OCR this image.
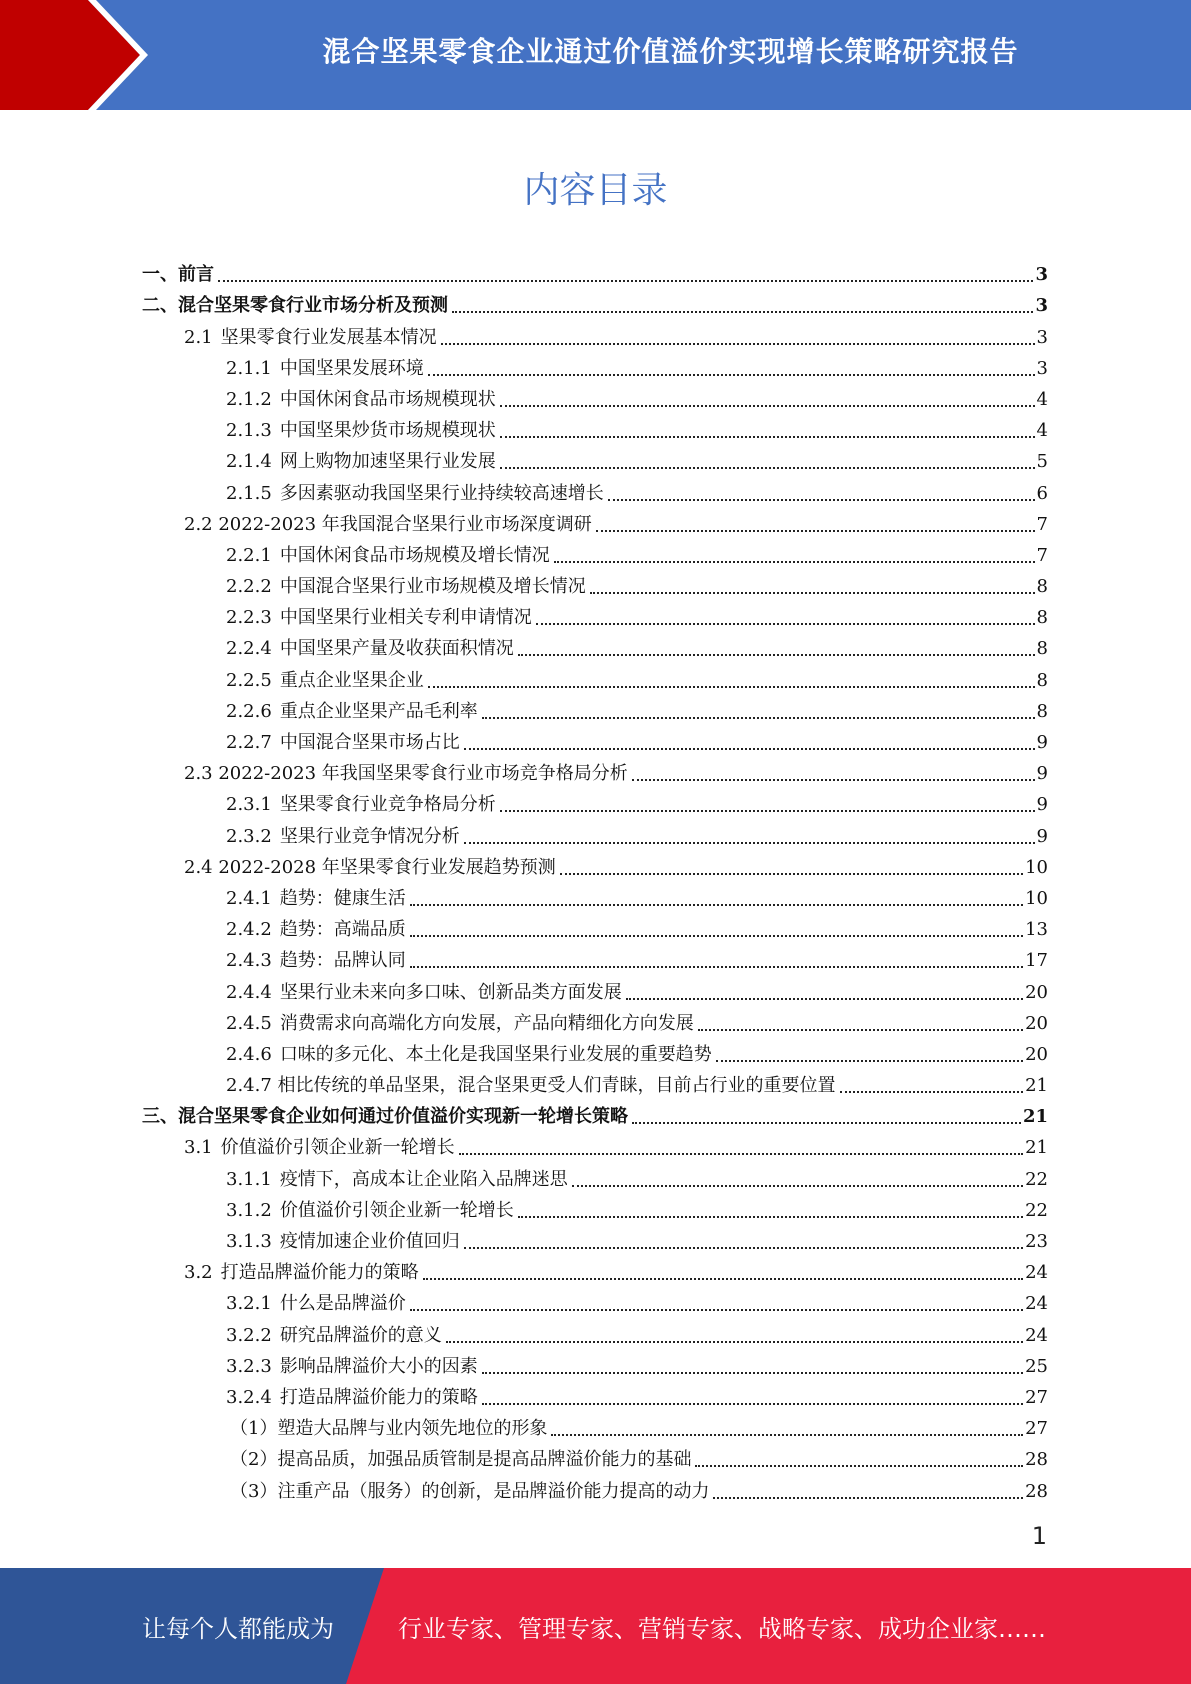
混合坚果零食企业通过价值溢价实现增长策略研究报告
内容目录
一、前言	3
二、混合坚果零食行业市场分析及预测	3
2.1 坚果零食行业发展基本情况	3
2.1.1 中国坚果发展环境	3
2.1.2 中国休闲食品市场规模现状	4
2.1.3 中国坚果炒货市场规模现状	4
2.1.4 网上购物加速坚果行业发展	5
2.1.5 多因素驱动我国坚果行业持续较高速增长	6
2.2 2022-2023 年我国混合坚果行业市场深度调研	7
2.2.1 中国休闲食品市场规模及增长情况	7
2.2.2 中国混合坚果行业市场规模及增长情况	8
2.2.3 中国坚果行业相关专利申请情况	8
2.2.4 中国坚果产量及收获面积情况	8
2.2.5 重点企业坚果企业	8
2.2.6 重点企业坚果产品毛利率	8
2.2.7 中国混合坚果市场占比	9
2.3 2022-2023 年我国坚果零食行业市场竞争格局分析	9
2.3.1 坚果零食行业竞争格局分析	9
2.3.2 坚果行业竞争情况分析	9
2.4 2022-2028 年坚果零食行业发展趋势预测	10
2.4.1 趋势：健康生活	10
2.4.2 趋势：高端品质	13
2.4.3 趋势：品牌认同	17
2.4.4 坚果行业未来向多口味、创新品类方面发展	20
2.4.5 消费需求向高端化方向发展，产品向精细化方向发展	20
2.4.6 口味的多元化、本土化是我国坚果行业发展的重要趋势	20
2.4.7 相比传统的单品坚果，混合坚果更受人们青睐，目前占行业的重要位置	21
三、混合坚果零食企业如何通过价值溢价实现新一轮增长策略	21
3.1 价值溢价引领企业新一轮增长	21
3.1.1 疫情下，高成本让企业陷入品牌迷思	22
3.1.2 价值溢价引领企业新一轮增长	22
3.1.3 疫情加速企业价值回归	23
3.2 打造品牌溢价能力的策略	24
3.2.1 什么是品牌溢价	24
3.2.2 研究品牌溢价的意义	24
3.2.3 影响品牌溢价大小的因素	25
3.2.4 打造品牌溢价能力的策略	27
（1）塑造大品牌与业内领先地位的形象	27
（2）提高品质，加强品质管制是提高品牌溢价能力的基础	28
（3）注重产品（服务）的创新，是品牌溢价能力提高的动力	28
1
让每个人都能成为	行业专家、管理专家、营销专家、战略专家、成功企业家……
